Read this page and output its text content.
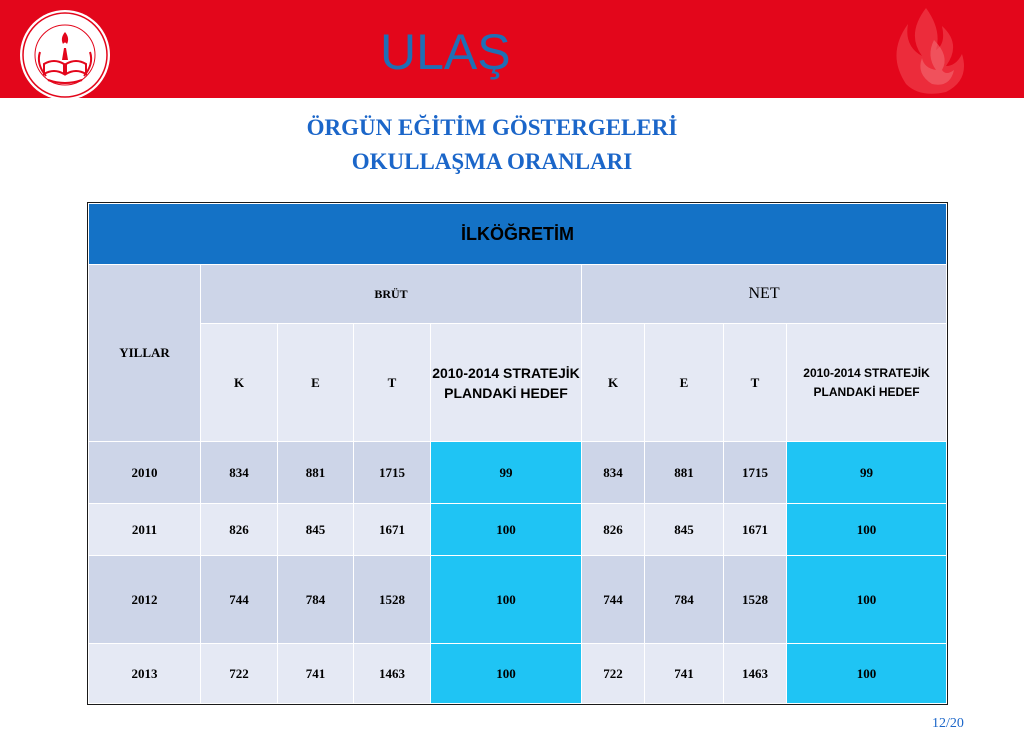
ULAŞ
ÖRGÜN EĞİTİM GÖSTERGELERİ
OKULLAŞMA ORANLARI
İLKÖĞRETİM								
YILLAR	BRÜT				NET			
	K	E	T	2010-2014 STRATEJİK PLANDAKİ HEDEF	K	E	T	2010-2014 STRATEJİK PLANDAKİ HEDEF
2010	834	881	1715	99	834	881	1715	99
2011	826	845	1671	100	826	845	1671	100
2012	744	784	1528	100	744	784	1528	100
2013	722	741	1463	100	722	741	1463	100
12/20
